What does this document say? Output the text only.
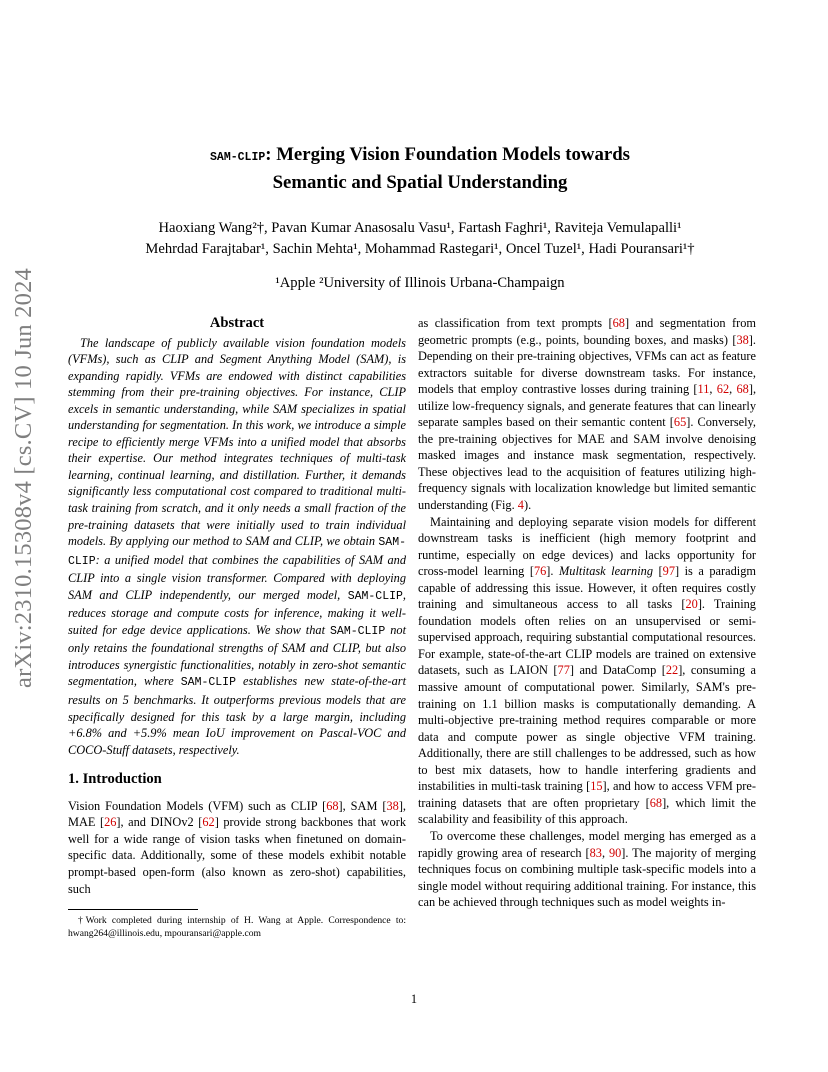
arXiv:2310.15308v4 [cs.CV] 10 Jun 2024
SAM-CLIP: Merging Vision Foundation Models towards
Semantic and Spatial Understanding
Haoxiang Wang²†, Pavan Kumar Anasosalu Vasu¹, Fartash Faghri¹, Raviteja Vemulapalli¹
Mehrdad Farajtabar¹, Sachin Mehta¹, Mohammad Rastegari¹, Oncel Tuzel¹, Hadi Pouransari¹†
¹Apple ²University of Illinois Urbana-Champaign
Abstract

The landscape of publicly available vision foundation models (VFMs), such as CLIP and Segment Anything Model (SAM), is expanding rapidly. VFMs are endowed with distinct capabilities stemming from their pre-training objectives. For instance, CLIP excels in semantic understanding, while SAM specializes in spatial understanding for segmentation. In this work, we introduce a simple recipe to efficiently merge VFMs into a unified model that absorbs their expertise. Our method integrates techniques of multi-task learning, continual learning, and distillation. Further, it demands significantly less computational cost compared to traditional multi-task training from scratch, and it only needs a small fraction of the pre-training datasets that were initially used to train individual models. By applying our method to SAM and CLIP, we obtain SAM-CLIP: a unified model that combines the capabilities of SAM and CLIP into a single vision transformer. Compared with deploying SAM and CLIP independently, our merged model, SAM-CLIP, reduces storage and compute costs for inference, making it well-suited for edge device applications. We show that SAM-CLIP not only retains the foundational strengths of SAM and CLIP, but also introduces synergistic functionalities, notably in zero-shot semantic segmentation, where SAM-CLIP establishes new state-of-the-art results on 5 benchmarks. It outperforms previous models that are specifically designed for this task by a large margin, including +6.8% and +5.9% mean IoU improvement on Pascal-VOC and COCO-Stuff datasets, respectively.

1. Introduction

Vision Foundation Models (VFM) such as CLIP [68], SAM [38], MAE [26], and DINOv2 [62] provide strong backbones that work well for a wide range of vision tasks when finetuned on domain-specific data. Additionally, some of these models exhibit notable prompt-based open-form (also known as zero-shot) capabilities, such

†Work completed during internship of H. Wang at Apple. Correspondence to: hwang264@illinois.edu, mpouransari@apple.com

as classification from text prompts [68] and segmentation from geometric prompts (e.g., points, bounding boxes, and masks) [38]. Depending on their pre-training objectives, VFMs can act as feature extractors suitable for diverse downstream tasks. For instance, models that employ contrastive losses during training [11, 62, 68], utilize low-frequency signals, and generate features that can linearly separate samples based on their semantic content [65]. Conversely, the pre-training objectives for MAE and SAM involve denoising masked images and instance mask segmentation, respectively. These objectives lead to the acquisition of features utilizing high-frequency signals with localization knowledge but limited semantic understanding (Fig. 4).

Maintaining and deploying separate vision models for different downstream tasks is inefficient (high memory footprint and runtime, especially on edge devices) and lacks opportunity for cross-model learning [76]. Multitask learning [97] is a paradigm capable of addressing this issue. However, it often requires costly training and simultaneous access to all tasks [20]. Training foundation models often relies on an unsupervised or semi-supervised approach, requiring substantial computational resources. For example, state-of-the-art CLIP models are trained on extensive datasets, such as LAION [77] and DataComp [22], consuming a massive amount of computational power. Similarly, SAM's pre-training on 1.1 billion masks is computationally demanding. A multi-objective pre-training method requires comparable or more data and compute power as single objective VFM training. Additionally, there are still challenges to be addressed, such as how to best mix datasets, how to handle interfering gradients and instabilities in multi-task training [15], and how to access VFM pre-training datasets that are often proprietary [68], which limit the scalability and feasibility of this approach.

To overcome these challenges, model merging has emerged as a rapidly growing area of research [83, 90]. The majority of merging techniques focus on combining multiple task-specific models into a single model without requiring additional training. For instance, this can be achieved through techniques such as model weights in-

1
